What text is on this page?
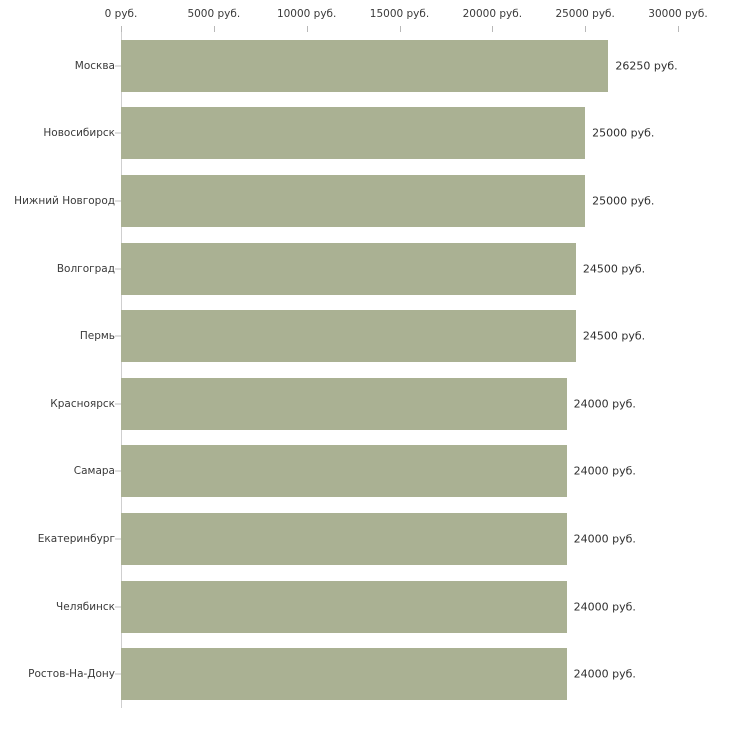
0 руб.	5000 руб.	10000 руб.	15000 руб.	20000 руб.	25000 руб.	30000 руб.
26250 руб.
25000 руб.
25000 руб.
24500 руб.
24500 руб.
24000 руб.
24000 руб.
24000 руб.
24000 руб.
24000 руб.
Москва
Новосибирск
Нижний Новгород
Волгоград
Пермь
Красноярск
Самара
Екатеринбург
Челябинск
Ростов-На-Дону
